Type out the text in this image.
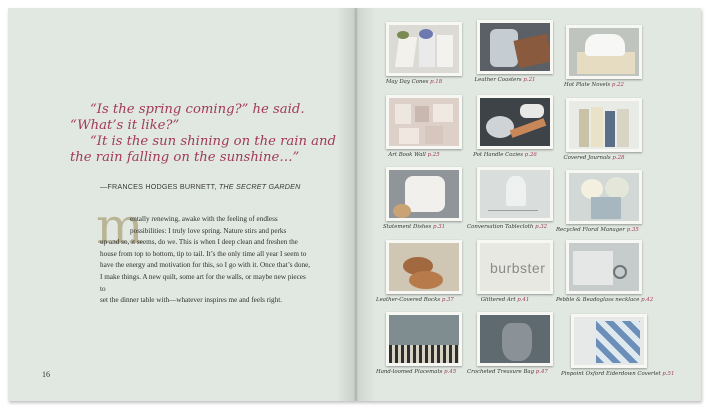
“Is the spring coming?” he said.
“What’s it like?”
“It is the sun shining on the rain and
the rain falling on the sunshine…”
—FRANCES HODGES BURNETT, THE SECRET GARDEN
m
entally renewing, awake with the feeling of endless
possibilities: I truly love spring. Nature stirs and perks
up and so, it seems, do we. This is when I deep clean and freshen the
house from top to bottom, tip to tail. It’s the only time all year I seem to
have the energy and motivation for this, so I go with it. Once that’s done,
I make things. A new quilt, some art for the walls, or maybe new pieces to
set the dinner table with—whatever inspires me and feels right.
16
May Day Cones p.18	Leather Coasters p.21
Hot Plate Novels p.22
Art Book Wall p.25	Pot Handle Cozies p.26	Covered Journals p.28
Statement Dishes p.31	Conversation Tablecloth p.32 Recycled Floral Manager p.35
Leather-Covered Rocks p.37
burbster
Glittered Art p.41	Pebble & Beadoglass necklace p.42
Hand-loomed Placemats p.45 Crocheted Treasure Bag p.47 Pinpoint Oxford Eiderdown Coverlet p.51
